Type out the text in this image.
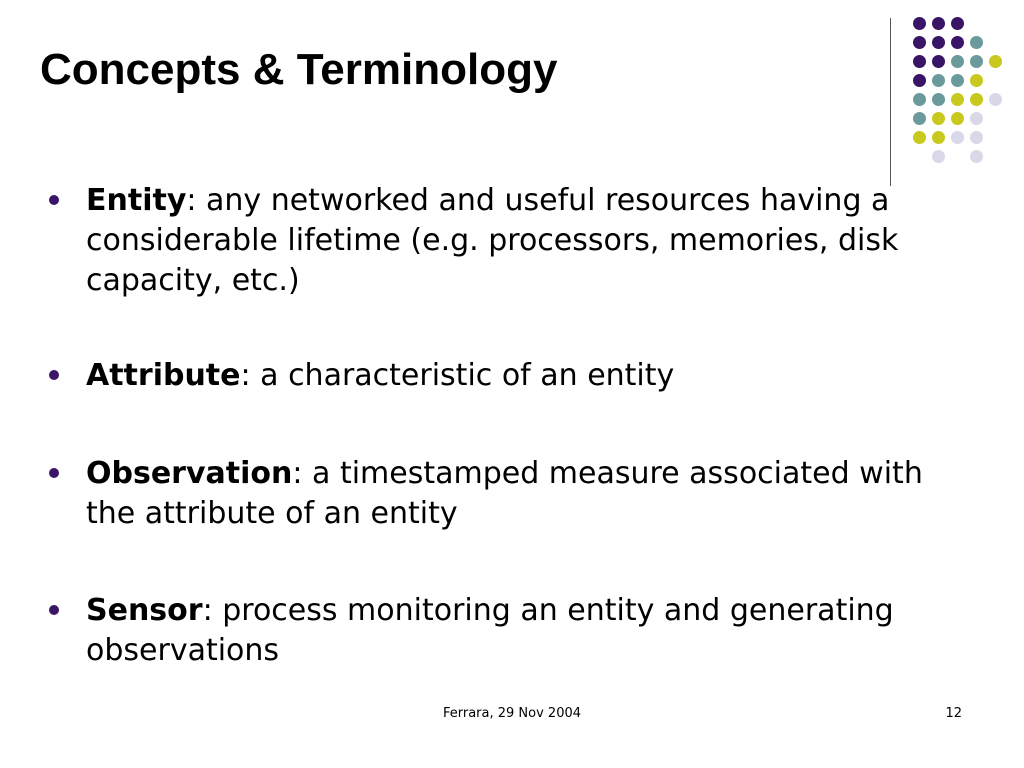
Concepts & Terminology
Entity: any networked and useful resources having a considerable lifetime (e.g. processors, memories, disk capacity, etc.)
Attribute: a characteristic of an entity
Observation: a timestamped measure associated with the attribute of an entity
Sensor: process monitoring an entity and generating observations
Ferrara, 29 Nov 2004	12
